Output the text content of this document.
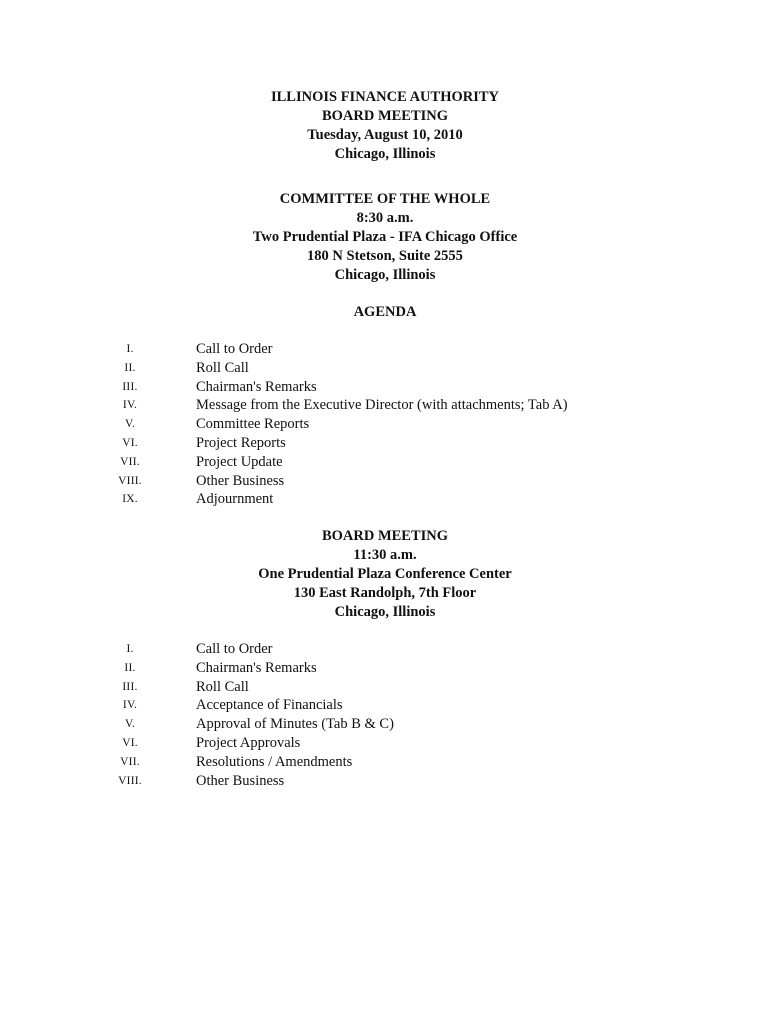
ILLINOIS FINANCE AUTHORITY
BOARD MEETING
Tuesday, August 10, 2010
Chicago, Illinois
COMMITTEE OF THE WHOLE
8:30 a.m.
Two Prudential Plaza - IFA Chicago Office
180 N Stetson, Suite 2555
Chicago, Illinois
AGENDA
I.	Call to Order
II.	Roll Call
III.	Chairman's Remarks
IV.	Message from the Executive Director (with attachments; Tab A)
V.	Committee Reports
VI.	Project Reports
VII.	Project Update
VIII.	Other Business
IX.	Adjournment
BOARD MEETING
11:30 a.m.
One Prudential Plaza Conference Center
130 East Randolph, 7th Floor
Chicago, Illinois
I.	Call to Order
II.	Chairman's Remarks
III.	Roll Call
IV.	Acceptance of Financials
V.	Approval of Minutes (Tab B & C)
VI.	Project Approvals
VII.	Resolutions / Amendments
VIII.	Other Business
